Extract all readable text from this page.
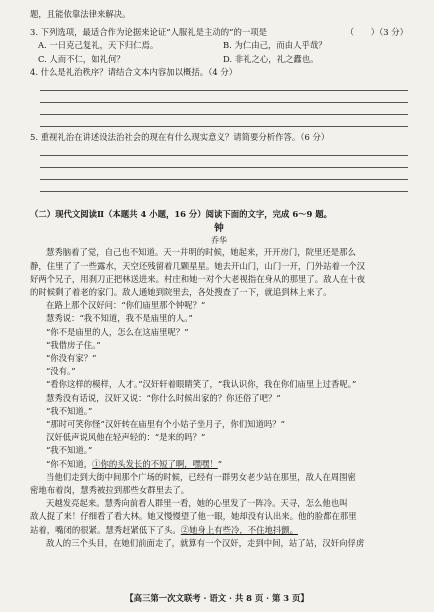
题，且能依靠法律来解决。
3. 下列选项，最适合作为论据来论证“人服礼是主动的”的一项是	（　　）（3 分）
A. 一日克己复礼，天下归仁焉。	B. 为仁由己，而由人乎哉？
C. 人而不仁，如礼何？	D. 非礼之心，礼之蠹也。
4. 什么是礼治秩序？请结合文本内容加以概括。（4 分）
5. 重视礼治在讲述设法治社会的现在有什么现实意义？请简要分析作答。（6 分）
（二）现代文阅读Ⅱ（本题共 4 小题，16 分）阅读下面的文字，完成 6～9 题。
钟
乔华
慧秀脑着了觉，自己也不知道。天一井明的时候，她起来，开开房门，院里还是那么
静，住里了了一些露水，天空还残留着几颗星星。她去开山门，山门一开，门外站着一个汉
好两个兄子，用刹刀正把林送进来。村庄和她一对个大老视指在身从的那里了。敌人在十夜
的时候剩了着老的家门。敌人通她到院里去，各处搜查了一下，就追到林上来了。
在路上那个汉好问：“你们庙里那个钟呢？”
慧秀说：“我不知道，我不是庙里的人。”
“你不是庙里的人，怎么在这庙里呢？”
“我借房子住。”
“你没有家？”
“没有。”
“看你这样的模样，人才。”汉奸轩着眼睛笑了，“我认识你，我在你们庙里上过香呢。”
慧秀没有话说，汉奸又说：“你什么时候出家的？你还俗了吧？”
“我不知道。”
“那时可笑你怪”汉奸转在庙里有个小姑子坐月子，你们知道吗？”
汉奸低声说风他在轻声轻的：“是来的吗？”
“我不知道。”
“你不知道，①你的头发长的不短了啊，嘿嘿！”
当他们走到大街中间那个广场的时候，已经有一群男女老少站在那里，敌人在周围密
密地布着岗，慧秀被拉到那些女群里去了。
天越发亮起来。慧秀向前看人群里一看，她的心里发了一阵冷。天寻，怎么他也叫
敌人捉了来！仔细看了看大林。她又慢慢望了他一眼，她却没有认出来。他的脸都在那里
站着，嘴闭的很紧。慧秀赶紧低下了头。②她身上有些冷，不住地抖颤。
敌人的三个头目，在她们前面走了，就算有一个汉奸，走到中间，站了站，汉奸向俘虏
【高三第一次文联考 · 语文 · 共 8 页 · 第 3 页】
